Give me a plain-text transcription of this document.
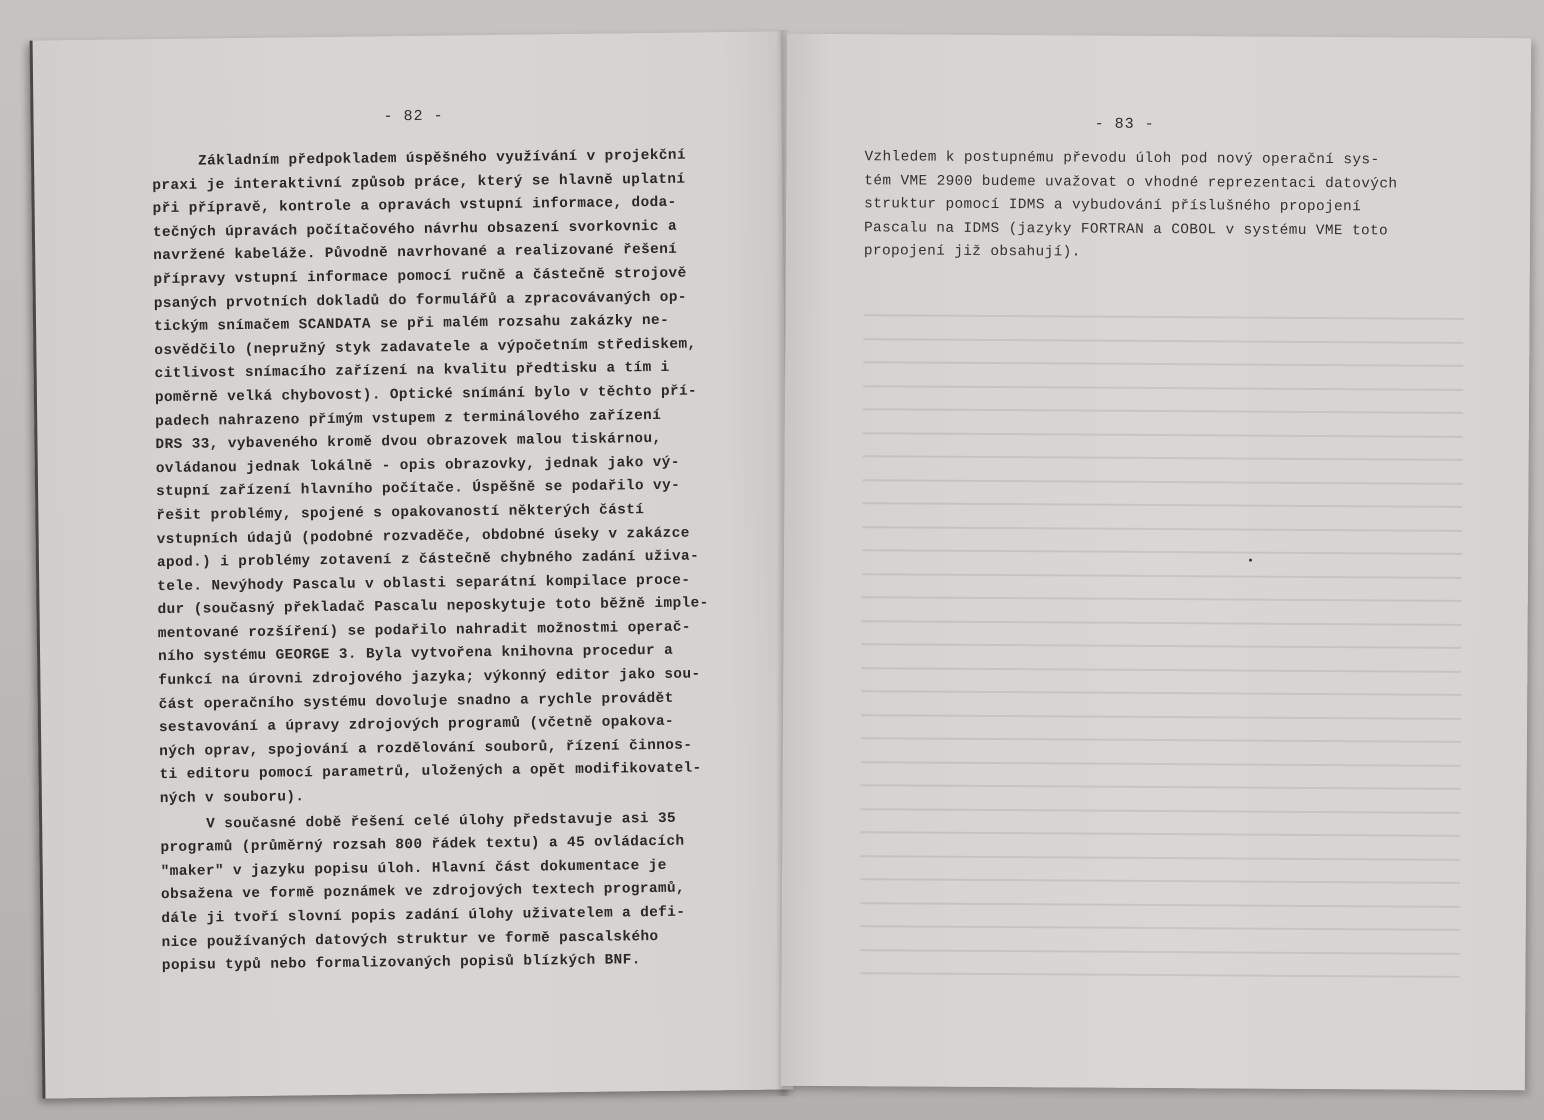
- 82 -
Základním předpokladem úspěšného využívání v projekční
praxi je interaktivní způsob práce, který se hlavně uplatní
při přípravě, kontrole a opravách vstupní informace, doda-
tečných úpravách počítačového návrhu obsazení svorkovnic a
navržené kabeláže. Původně navrhované a realizované řešení
přípravy vstupní informace pomocí ručně a částečně strojově
psaných prvotních dokladů do formulářů a zpracovávaných op-
tickým snímačem SCANDATA se při malém rozsahu zakázky ne-
osvědčilo (nepružný styk zadavatele a výpočetním střediskem,
citlivost snímacího zařízení na kvalitu předtisku a tím i
poměrně velká chybovost). Optické snímání bylo v těchto pří-
padech nahrazeno přímým vstupem z terminálového zařízení
DRS 33, vybaveného kromě dvou obrazovek malou tiskárnou,
ovládanou jednak lokálně - opis obrazovky, jednak jako vý-
stupní zařízení hlavního počítače. Úspěšně se podařilo vy-
řešit problémy, spojené s opakovaností některých částí
vstupních údajů (podobné rozvaděče, obdobné úseky v zakázce
apod.) i problémy zotavení z částečně chybného zadání uživa-
tele. Nevýhody Pascalu v oblasti separátní kompilace proce-
dur (současný překladač Pascalu neposkytuje toto běžně imple-
mentované rozšíření) se podařilo nahradit možnostmi operač-
ního systému GEORGE 3. Byla vytvořena knihovna procedur a
funkcí na úrovni zdrojového jazyka; výkonný editor jako sou-
část operačního systému dovoluje snadno a rychle provádět
sestavování a úpravy zdrojových programů (včetně opakova-
ných oprav, spojování a rozdělování souborů, řízení činnos-
ti editoru pomocí parametrů, uložených a opět modifikovatel-
ných v souboru).
V současné době řešení celé úlohy představuje asi 35
programů (průměrný rozsah 800 řádek textu) a 45 ovládacích
"maker" v jazyku popisu úloh. Hlavní část dokumentace je
obsažena ve formě poznámek ve zdrojových textech programů,
dále ji tvoří slovní popis zadání úlohy uživatelem a defi-
nice používaných datových struktur ve formě pascalského
popisu typů nebo formalizovaných popisů blízkých BNF.
- 83 -
Vzhledem k postupnému převodu úloh pod nový operační sys-
tém VME 2900 budeme uvažovat o vhodné reprezentaci datových
struktur pomocí IDMS a vybudování příslušného propojení
Pascalu na IDMS (jazyky FORTRAN a COBOL v systému VME toto
propojení již obsahují).
